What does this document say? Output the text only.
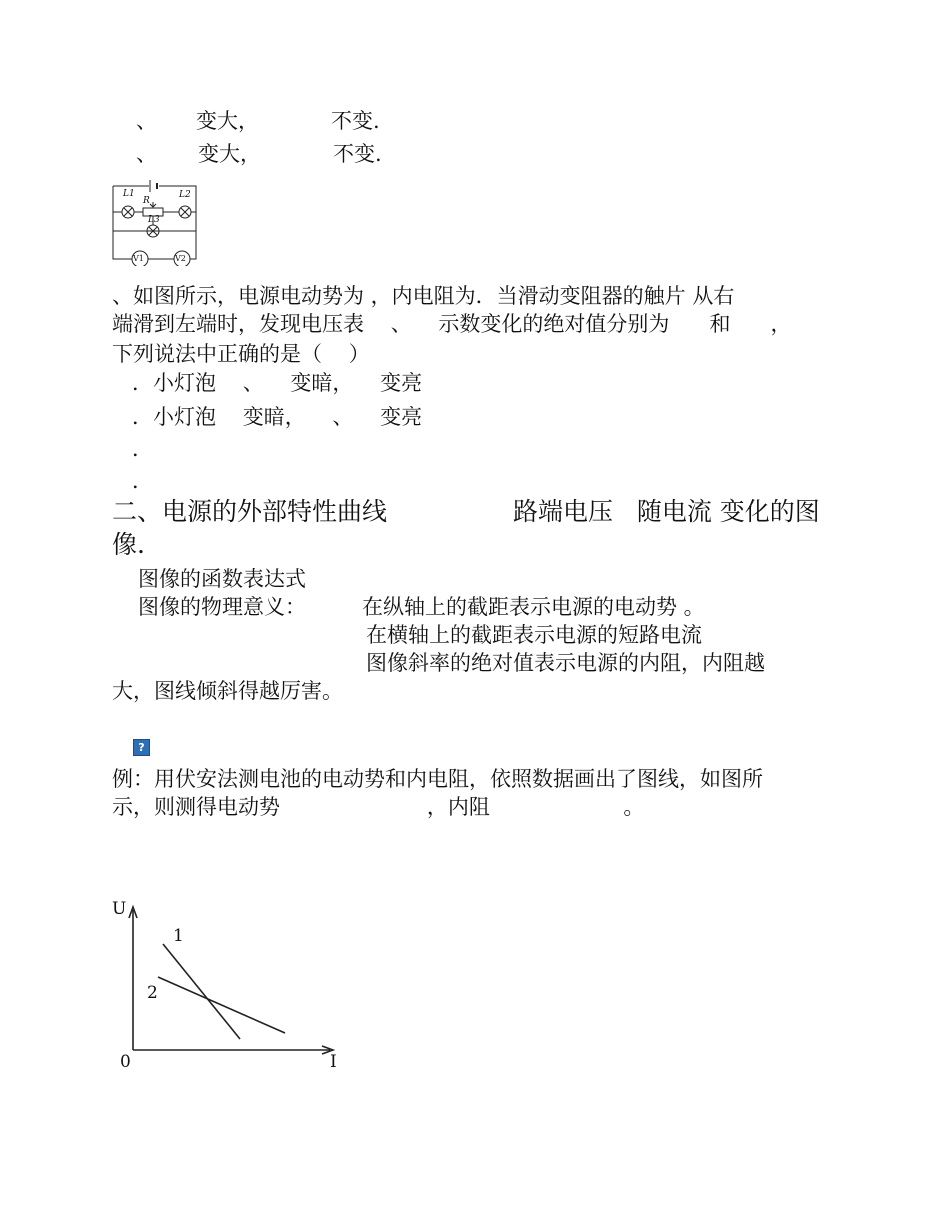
、 变大，	不变.
、 变大，	不变.
L1	L2
L3
R
V1	V2
、如图所示，电源电动势为 ，内电阻为．当滑动变阻器的触片 从右
端滑到左端时，发现电压表    、    示数变化的绝对值分别为      和      ，
下列说法中正确的是（    ）
．小灯泡    、    变暗，    变亮
．小灯泡    变暗，    、    变亮
．
．
二、电源的外部特性曲线	路端电压   随电流 变化的图
像.
图像的函数表达式
图像的物理意义：	在纵轴上的截距表示电源的电动势 。
在横轴上的截距表示电源的短路电流
图像斜率的绝对值表示电源的内阻，内阻越
大，图线倾斜得越厉害。
?
例：用伏安法测电池的电动势和内电阻，依照数据画出了图线，如图所
示，则测得电动势                      ，内阻                    。
U
I
0
1
2
